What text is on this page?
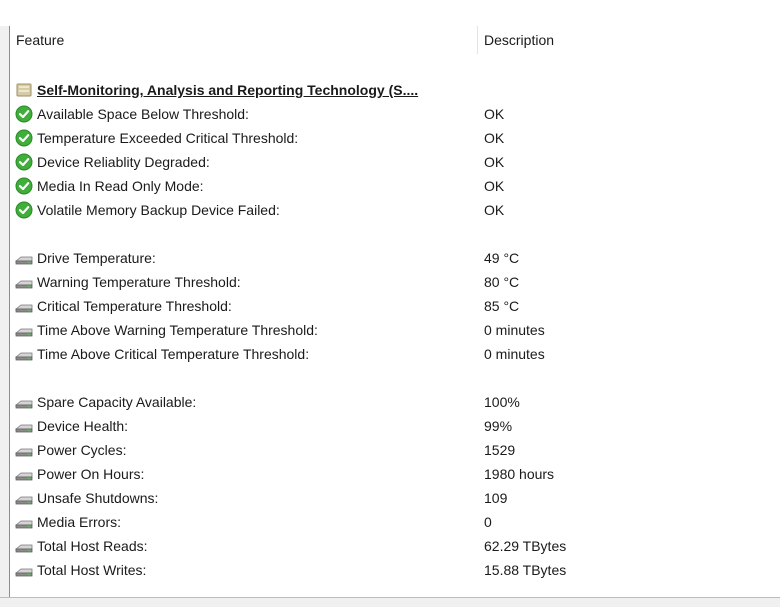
Feature	Description
Self-Monitoring, Analysis and Reporting Technology (S....
Available Space Below Threshold:	OK
Temperature Exceeded Critical Threshold:	OK
Device Reliablity Degraded:	OK
Media In Read Only Mode:	OK
Volatile Memory Backup Device Failed:	OK
Drive Temperature:	49 °C
Warning Temperature Threshold:	80 °C
Critical Temperature Threshold:	85 °C
Time Above Warning Temperature Threshold:	0 minutes
Time Above Critical Temperature Threshold:	0 minutes
Spare Capacity Available:	100%
Device Health:	99%
Power Cycles:	1529
Power On Hours:	1980 hours
Unsafe Shutdowns:	109
Media Errors:	0
Total Host Reads:	62.29 TBytes
Total Host Writes:	15.88 TBytes
